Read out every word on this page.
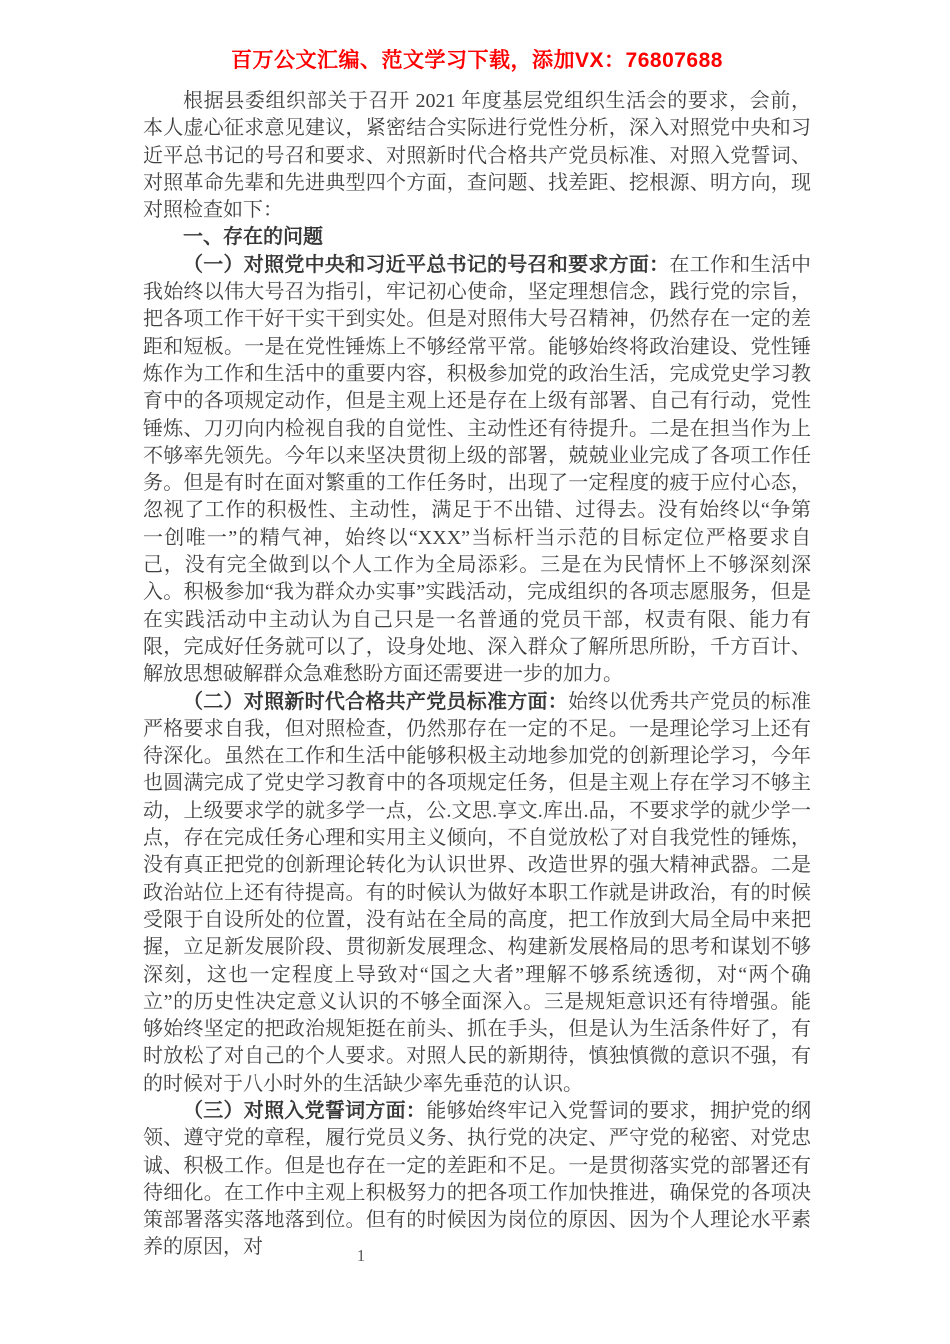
百万公文汇编、范文学习下载，添加VX：76807688

根据县委组织部关于召开 2021 年度基层党组织生活会的要求，会前，本人虚心征求意见建议，紧密结合实际进行党性分析，深入对照党中央和习近平总书记的号召和要求、对照新时代合格共产党员标准、对照入党誓词、对照革命先辈和先进典型四个方面，查问题、找差距、挖根源、明方向，现对照检查如下：

一、存在的问题

（一）对照党中央和习近平总书记的号召和要求方面：在工作和生活中我始终以伟大号召为指引，牢记初心使命，坚定理想信念，践行党的宗旨，把各项工作干好干实干到实处。但是对照伟大号召精神，仍然存在一定的差距和短板。一是在党性锤炼上不够经常平常。能够始终将政治建设、党性锤炼作为工作和生活中的重要内容，积极参加党的政治生活，完成党史学习教育中的各项规定动作，但是主观上还是存在上级有部署、自己有行动，党性锤炼、刀刃向内检视自我的自觉性、主动性还有待提升。二是在担当作为上不够率先领先。今年以来坚决贯彻上级的部署，兢兢业业完成了各项工作任务。但是有时在面对繁重的工作任务时，出现了一定程度的疲于应付心态，忽视了工作的积极性、主动性，满足于不出错、过得去。没有始终以“争第一创唯一”的精气神，始终以“XXX”当标杆当示范的目标定位严格要求自己，没有完全做到以个人工作为全局添彩。三是在为民情怀上不够深刻深入。积极参加“我为群众办实事”实践活动，完成组织的各项志愿服务，但是在实践活动中主动认为自己只是一名普通的党员干部，权责有限、能力有限，完成好任务就可以了，设身处地、深入群众了解所思所盼，千方百计、解放思想破解群众急难愁盼方面还需要进一步的加力。

（二）对照新时代合格共产党员标准方面：始终以优秀共产党员的标准严格要求自我，但对照检查，仍然那存在一定的不足。一是理论学习上还有待深化。虽然在工作和生活中能够积极主动地参加党的创新理论学习，今年也圆满完成了党史学习教育中的各项规定任务，但是主观上存在学习不够主动，上级要求学的就多学一点，公.文思.享文.库出.品，不要求学的就少学一点，存在完成任务心理和实用主义倾向，不自觉放松了对自我党性的锤炼，没有真正把党的创新理论转化为认识世界、改造世界的强大精神武器。二是政治站位上还有待提高。有的时候认为做好本职工作就是讲政治，有的时候受限于自设所处的位置，没有站在全局的高度，把工作放到大局全局中来把握，立足新发展阶段、贯彻新发展理念、构建新发展格局的思考和谋划不够深刻，这也一定程度上导致对“国之大者”理解不够系统透彻，对“两个确立”的历史性决定意义认识的不够全面深入。三是规矩意识还有待增强。能够始终坚定的把政治规矩挺在前头、抓在手头，但是认为生活条件好了，有时放松了对自己的个人要求。对照人民的新期待，慎独慎微的意识不强，有的时候对于八小时外的生活缺少率先垂范的认识。

（三）对照入党誓词方面：能够始终牢记入党誓词的要求，拥护党的纲领、遵守党的章程，履行党员义务、执行党的决定、严守党的秘密、对党忠诚、积极工作。但是也存在一定的差距和不足。一是贯彻落实党的部署还有待细化。在工作中主观上积极努力的把各项工作加快推进，确保党的各项决策部署落实落地落到位。但有的时候因为岗位的原因、因为个人理论水平素养的原因，对	1
